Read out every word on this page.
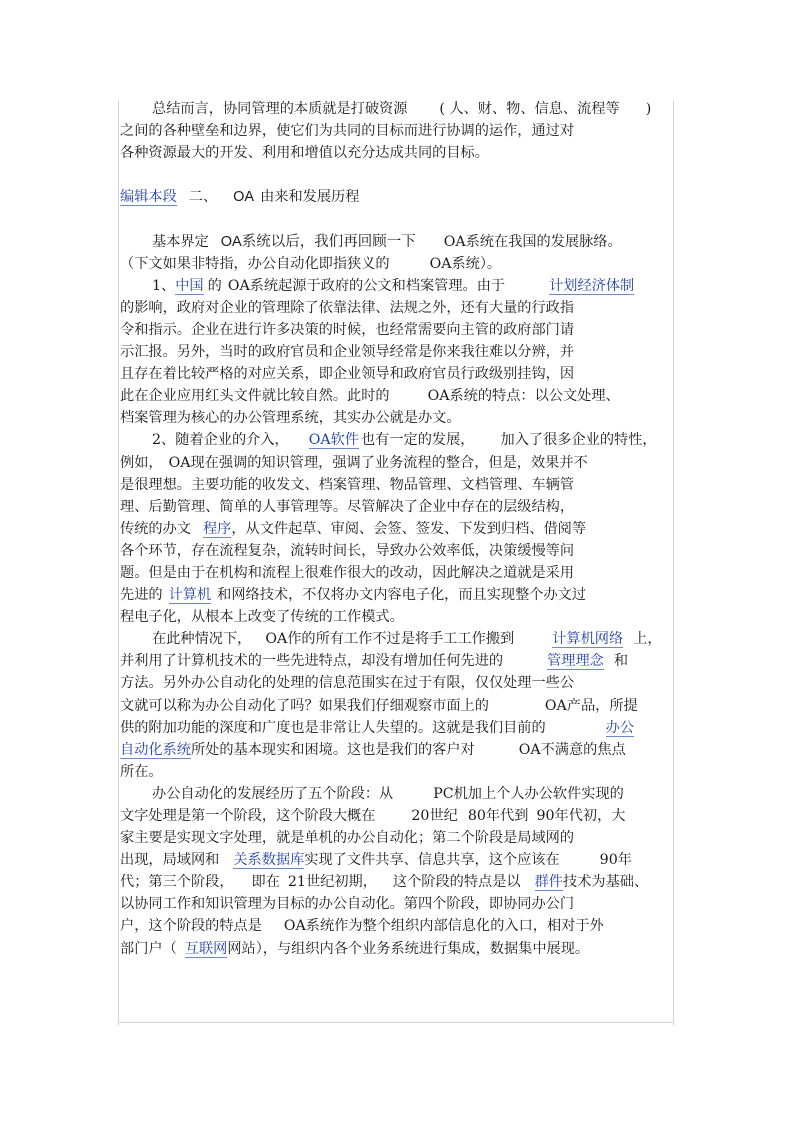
总结而言，协同管理的本质就是打破资源 ( 人、财、物、信息、流程等 )
之间的各种壁垒和边界，使它们为共同的目标而进行协调的运作，通过对
各种资源最大的开发、利用和增值以充分达成共同的目标。
编辑本段 二、 OA 由来和发展历程
基本界定 OA系统以后，我们再回顾一下 OA系统在我国的发展脉络。
（下文如果非特指，办公自动化即指狭义的	OA系统）。
1、中国 的 OA系统起源于政府的公文和档案管理。由于	计划经济体制
的影响，政府对企业的管理除了依靠法律、法规之外，还有大量的行政指
令和指示。企业在进行许多决策的时候，也经常需要向主管的政府部门请
示汇报。另外，当时的政府官员和企业领导经常是你来我往难以分辨，并
且存在着比较严格的对应关系，即企业领导和政府官员行政级别挂钩，因
此在企业应用红头文件就比较自然。此时的	OA系统的特点：以公文处理、
档案管理为核心的办公管理系统，其实办公就是办文。
2、随着企业的介入， OA软件 也有一定的发展， 加入了很多企业的特性，
例如， OA现在强调的知识管理，强调了业务流程的整合，但是，效果并不
是很理想。主要功能的收发文、档案管理、物品管理、文档管理、车辆管
理、后勤管理、简单的人事管理等。尽管解决了企业中存在的层级结构，
传统的办文 程序，从文件起草、审阅、会签、签发、下发到归档、借阅等
各个环节，存在流程复杂，流转时间长，导致办公效率低，决策缓慢等问
题。但是由于在机构和流程上很难作很大的改动，因此解决之道就是采用
先进的 计算机 和网络技术，不仅将办文内容电子化，而且实现整个办文过
程电子化，从根本上改变了传统的工作模式。
在此种情况下， OA作的所有工作不过是将手工工作搬到	计算机网络 上，
并利用了计算机技术的一些先进特点，却没有增加任何先进的	管理理念 和
方法。另外办公自动化的处理的信息范围实在过于有限，仅仅处理一些公
文就可以称为办公自动化了吗？如果我们仔细观察市面上的	OA产品，所提
供的附加功能的深度和广度也是非常让人失望的。这就是我们目前的	办公
自动化系统所处的基本现实和困境。这也是我们的客户对	OA不满意的焦点
所在。
办公自动化的发展经历了五个阶段：从	PC机加上个人办公软件实现的
文字处理是第一个阶段，这个阶段大概在	20世纪 80年代到 90年代初，大
家主要是实现文字处理，就是单机的办公自动化；第二个阶段是局域网的
出现，局域网和 关系数据库实现了文件共享、信息共享，这个应该在	90年
代；第三个阶段， 即在 21世纪初期， 这个阶段的特点是以 群件技术为基础、
以协同工作和知识管理为目标的办公自动化。第四个阶段，即协同办公门
户，这个阶段的特点是 OA系统作为整个组织内部信息化的入口，相对于外
部门户（ 互联网网站），与组织内各个业务系统进行集成，数据集中展现。
